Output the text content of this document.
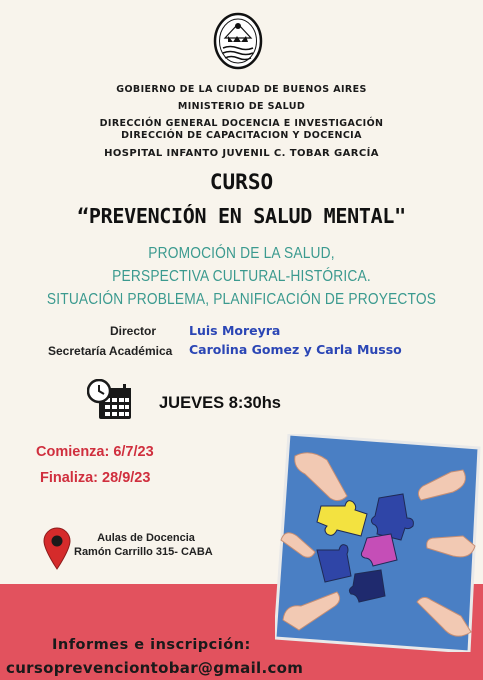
GOBIERNO DE LA CIUDAD DE BUENOS AIRES
MINISTERIO DE SALUD
DIRECCIÓN GENERAL DOCENCIA E INVESTIGACIÓN
DIRECCIÓN DE CAPACITACION Y DOCENCIA
HOSPITAL INFANTO JUVENIL C. TOBAR GARCÍA
CURSO
“PREVENCIÓN EN SALUD MENTAL"
PROMOCIÓN DE LA SALUD,
PERSPECTIVA CULTURAL-HISTÓRICA.
SITUACIÓN PROBLEMA, PLANIFICACIÓN DE PROYECTOS
Director	Luis Moreyra
Secretaría Académica Carolina Gomez y Carla Musso
JUEVES 8:30hs
Comienza: 6/7/23
Finaliza: 28/9/23
Aulas de Docencia
Ramón Carrillo 315- CABA
Informes e inscripción:
cursoprevenciontobar@gmail.com
